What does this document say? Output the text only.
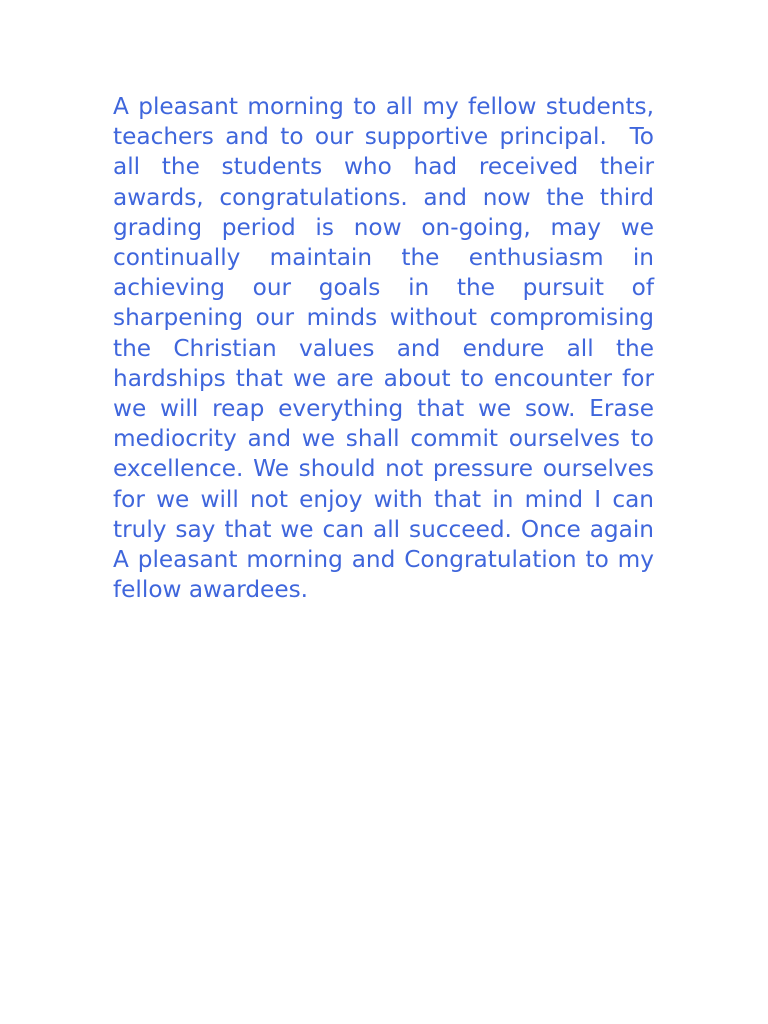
A pleasant morning to all my fellow students, teachers and to our supportive principal.  To all the students who had received their awards, congratulations. and now the third grading period is now on-going, may we continually maintain the enthusiasm in achieving our goals in the pursuit of sharpening our minds without compromising the Christian values and endure all the hardships that we are about to encounter for we will reap everything that we sow. Erase mediocrity and we shall commit ourselves to excellence. We should not pressure ourselves for we will not enjoy with that in mind I can truly say that we can all succeed. Once again A pleasant morning and Congratulation to my fellow awardees.
